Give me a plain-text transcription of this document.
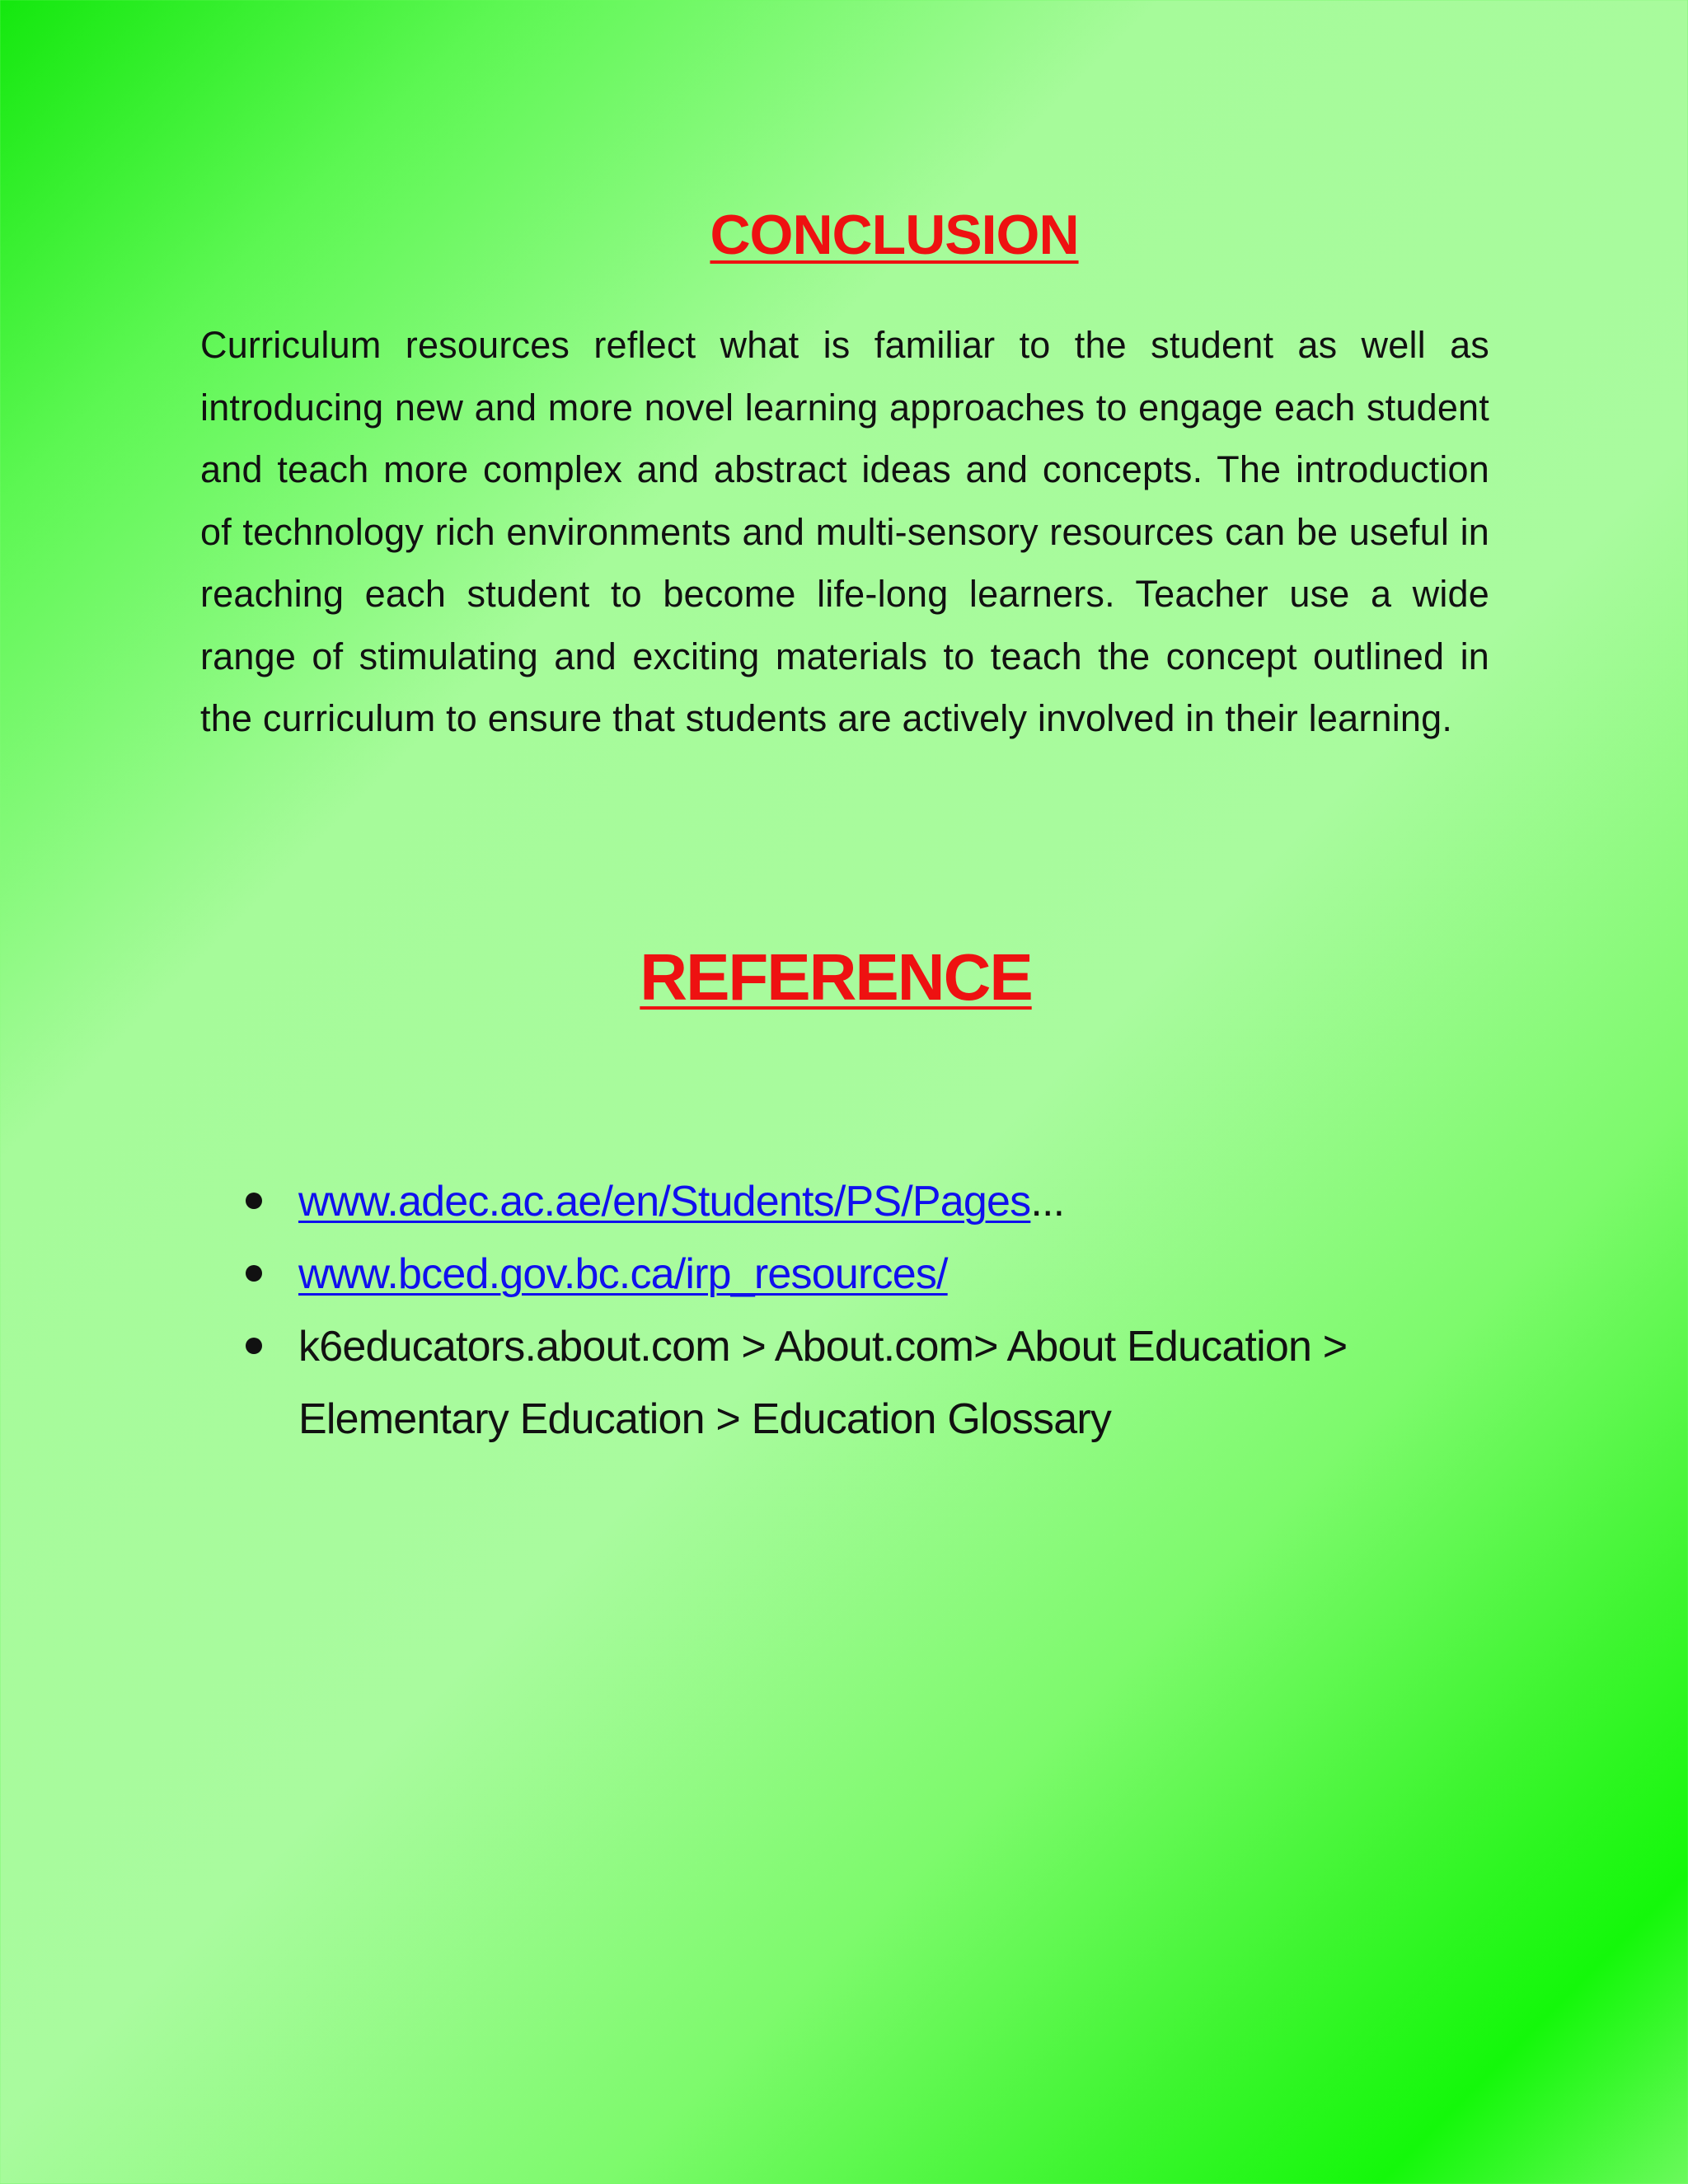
CONCLUSION

Curriculum resources reflect what is familiar to the student as well as introducing new and more novel learning approaches to engage each student and teach more complex and abstract ideas and concepts. The introduction of technology rich environments and multi-sensory resources can be useful in reaching each student to become life-long learners. Teacher use a wide range of stimulating and exciting materials to teach the concept outlined in the curriculum to ensure that students are actively involved in their learning.

REFERENCE
www.adec.ac.ae/en/Students/PS/Pages...
www.bced.gov.bc.ca/irp_resources/
k6educators.about.com > About.com> About Education > Elementary Education > Education Glossary
